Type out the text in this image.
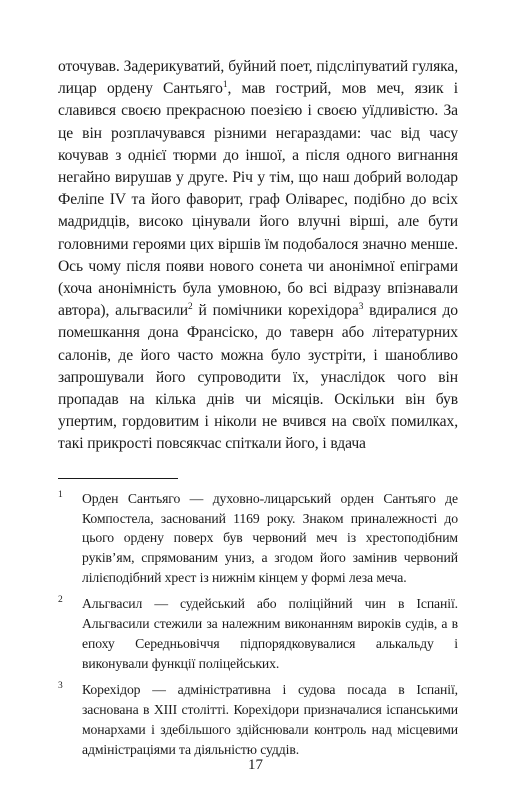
оточував. Задерикуватий, буйний поет, підсліпуватий гуляка, лицар ордену Сантьяго$^1$, мав гострий, мов меч, язик і славився своєю прекрасною поезією і своєю уїдливістю. За це він розплачувався різними негараздами: час від часу кочував з однієї тюрми до іншої, а після одного вигнання негайно вирушав у друге. Річ у тім, що наш добрий володар Феліпе IV та його фаворит, граф Оліварес, подібно до всіх мадридців, високо цінували його влучні вірші, але бути головними героями цих віршів їм подобалося значно менше. Ось чому після появи нового сонета чи анонімної епіграми (хоча анонімність була умовною, бо всі відразу впізнавали автора), альгвасили$^2$ й помічники корехідора$^3$ вдиралися до помешкання дона Франсіско, до таверн або літературних салонів, де його часто можна було зустріти, і шанобливо запрошували його супроводити їх, унаслідок чого він пропадав на кілька днів чи місяців. Оскільки він був упертим, гордовитим і ніколи не вчився на своїх помилках, такі прикрості повсякчас спіткали його, і вдача

1 Орден Сантьяго — духовно-лицарський орден Сантьяго де Компостела, заснований 1169 року. Знаком приналежності до цього ордену поверх був червоний меч із хрестоподібним руків’ям, спрямованим униз, а згодом його замінив червоний лілієподібний хрест із нижнім кінцем у формі леза меча.

2 Альгвасил — судейський або поліційний чин в Іспанії. Альгвасили стежили за належним виконанням вироків судів, а в епоху Середньовіччя підпорядковувалися алькальду і виконували функції поліцейських.

3 Корехідор — адміністративна і судова посада в Іспанії, заснована в XIII столітті. Корехідори призначалися іспанськими монархами і здебільшого здійснювали контроль над місцевими адміністраціями та діяльністю суддів.

17
